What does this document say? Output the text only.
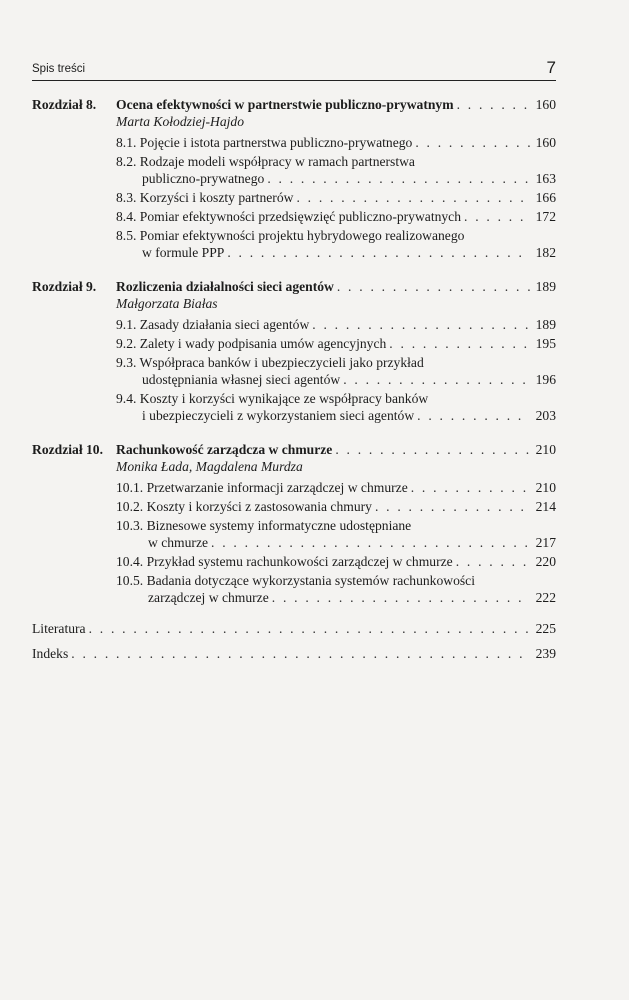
Spis treści	7
Rozdział 8. Ocena efektywności w partnerstwie publiczno-prywatnym . . .	160
Marta Kołodziej-Hajdo
8.1. Pojęcie i istota partnerstwa publiczno-prywatnego . . .	160
8.2. Rodzaje modeli współpracy w ramach partnerstwa
publiczno-prywatnego . . .	163
8.3. Korzyści i koszty partnerów . . .	166
8.4. Pomiar efektywności przedsięwzięć publiczno-prywatnych . . .	172
8.5. Pomiar efektywności projektu hybrydowego realizowanego
w formule PPP . . .	182
Rozdział 9. Rozliczenia działalności sieci agentów . . .	189
Małgorzata Białas
9.1. Zasady działania sieci agentów . . .	189
9.2. Zalety i wady podpisania umów agencyjnych . . .	195
9.3. Współpraca banków i ubezpieczycieli jako przykład
udostępniania własnej sieci agentów . . .	196
9.4. Koszty i korzyści wynikające ze współpracy banków
i ubezpieczycieli z wykorzystaniem sieci agentów . . .	203
Rozdział 10. Rachunkowość zarządcza w chmurze . . .	210
Monika Łada, Magdalena Murdza
10.1. Przetwarzanie informacji zarządczej w chmurze . . .	210
10.2. Koszty i korzyści z zastosowania chmury . . .	214
10.3. Biznesowe systemy informatyczne udostępniane
w chmurze . . .	217
10.4. Przykład systemu rachunkowości zarządczej w chmurze . . .	220
10.5. Badania dotyczące wykorzystania systemów rachunkowości
zarządczej w chmurze . . .	222
Literatura . . .	225
Indeks . . .	239
